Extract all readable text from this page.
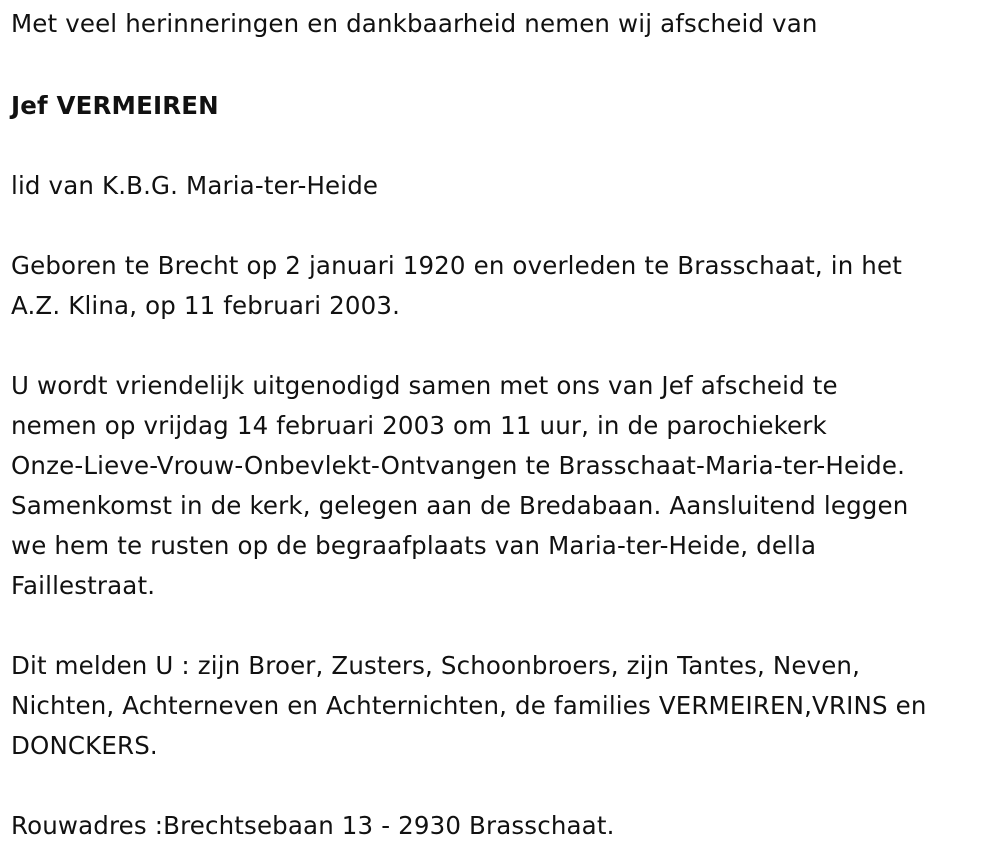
Met veel herinneringen en dankbaarheid nemen wij afscheid van
Jef VERMEIREN
lid van K.B.G. Maria-ter-Heide
Geboren te Brecht op 2 januari 1920 en overleden te Brasschaat, in het
A.Z. Klina, op 11 februari 2003.
U wordt vriendelijk uitgenodigd samen met ons van Jef afscheid te
nemen op vrijdag 14 februari 2003 om 11 uur, in de parochiekerk
Onze-Lieve-Vrouw-Onbevlekt-Ontvangen te Brasschaat-Maria-ter-Heide.
Samenkomst in de kerk, gelegen aan de Bredabaan. Aansluitend leggen
we hem te rusten op de begraafplaats van Maria-ter-Heide, della
Faillestraat.
Dit melden U : zijn Broer, Zusters, Schoonbroers, zijn Tantes, Neven,
Nichten, Achterneven en Achternichten, de families VERMEIREN,VRINS en
DONCKERS.
Rouwadres :Brechtsebaan 13 - 2930 Brasschaat.
